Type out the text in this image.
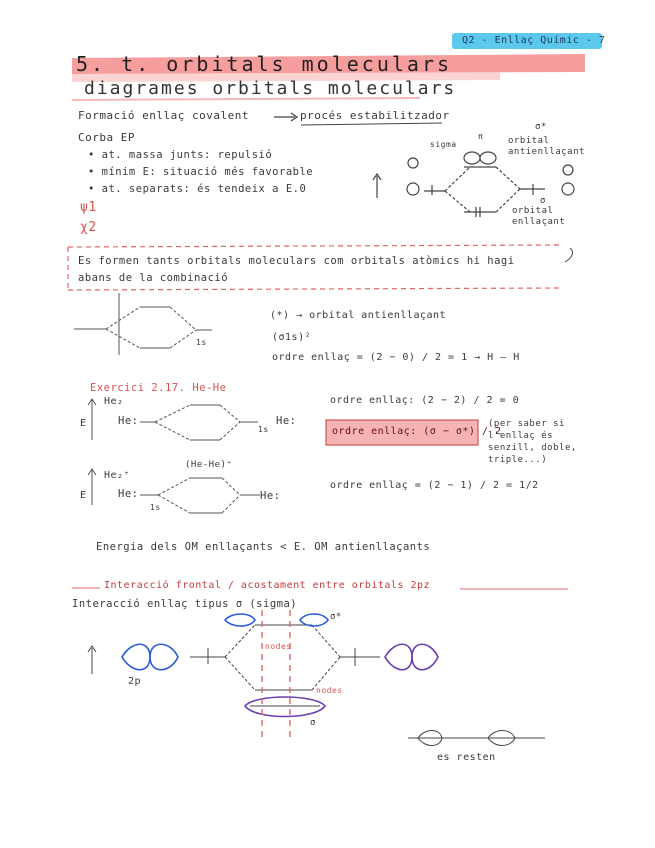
Q2 - Enllaç Químic - 7
5. t. orbitals moleculars
diagrames orbitals moleculars
Formació enllaç covalent	procés estabilitzador
Corba EP
• at. massa junts: repulsió
• mínim E: situació més favorable
• at. separats: és tendeix a E.0
ψ1
χ2
σ*
sigma
π	orbital antienllaçant
orbital enllaçant
σ
Es formen tants orbitals moleculars com orbitals atòmics hi hagi abans de la combinació
1s
(*) → orbital antienllaçant
(σ1s)²
ordre enllaç = (2 − 0) / 2 = 1 → H — H
Exercici 2.17. He-He
He₂
E	He:	He:
1s
ordre enllaç: (2 − 2) / 2 = 0
ordre enllaç: (σ − σ*) / 2
(per saber si l'enllaç és senzill, doble, triple...)
He₂⁺
(He-He)⁺
E	He:	He:
1s
ordre enllaç = (2 − 1) / 2 = 1/2
Energia dels OM enllaçants < E. OM antienllaçants
Interacció frontal / acostament entre orbitals 2pz
Interacció enllaç tipus σ (sigma)
nodes
nodes
2p
σ*
σ
es resten
